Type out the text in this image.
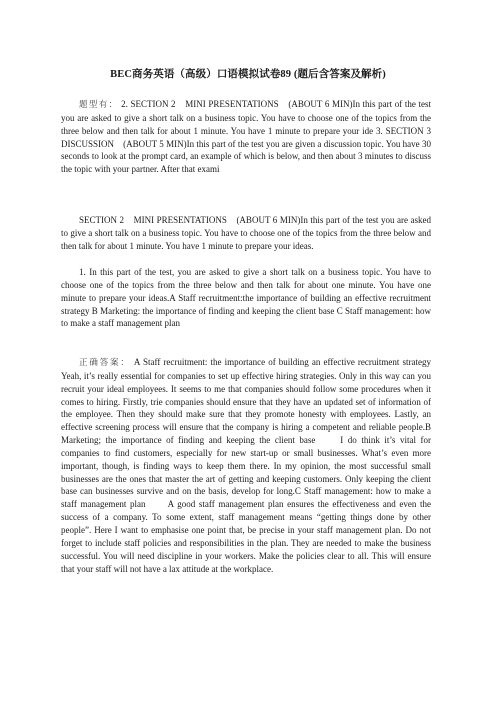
BEC商务英语（高级）口语模拟试卷89 (题后含答案及解析)
题型有： 2. SECTION 2　MINI PRESENTATIONS　(ABOUT 6 MIN)In this part of the test you are asked to give a short talk on a business topic. You have to choose one of the topics from the three below and then talk for about 1 minute. You have 1 minute to prepare your ide 3. SECTION 3　DISCUSSION　(ABOUT 5 MIN)In this part of the test you are given a discussion topic. You have 30 seconds to look at the prompt card, an example of which is below, and then about 3 minutes to discuss the topic with your partner. After that exami
SECTION 2　MINI PRESENTATIONS　(ABOUT 6 MIN)In this part of the test you are asked to give a short talk on a business topic. You have to choose one of the topics from the three below and then talk for about 1 minute. You have 1 minute to prepare your ideas.
1. In this part of the test, you are asked to give a short talk on a business topic. You have to choose one of the topics from the three below and then talk for about one minute. You have one minute to prepare your ideas.A Staff recruitment:the importance of building an effective recruitment strategy B Marketing: the importance of finding and keeping the client base C Staff management: how to make a staff management plan
正确答案： A Staff recruitment: the importance of building an effective recruitment strategy　　Yeah, it’s really essential for companies to set up effective hiring strategies. Only in this way can you recruit your ideal employees. It seems to me that companies should follow some procedures when it comes to hiring. Firstly, trie companies should ensure that they have an updated set of information of the employee. Then they should make sure that they promote honesty with employees. Lastly, an effective screening process will ensure that the company is hiring a competent and reliable people.B Marketing; the importance of finding and keeping the client base　　I do think it’s vital for companies to find customers, especially for new start-up or small businesses. What’s even more important, though, is finding ways to keep them there. In my opinion, the most successful small businesses are the ones that master the art of getting and keeping customers. Only keeping the client base can businesses survive and on the basis, develop for long.C Staff management: how to make a staff management plan　　A good staff management plan ensures the effectiveness and even the success of a company. To some extent, staff management means “getting things done by other people”. Here I want to emphasise one point that, be precise in your staff management plan. Do not forget to include staff policies and responsibilities in the plan. They are needed to make the business successful. You will need discipline in your workers. Make the policies clear to all. This will ensure that your staff will not have a lax attitude at the workplace.
